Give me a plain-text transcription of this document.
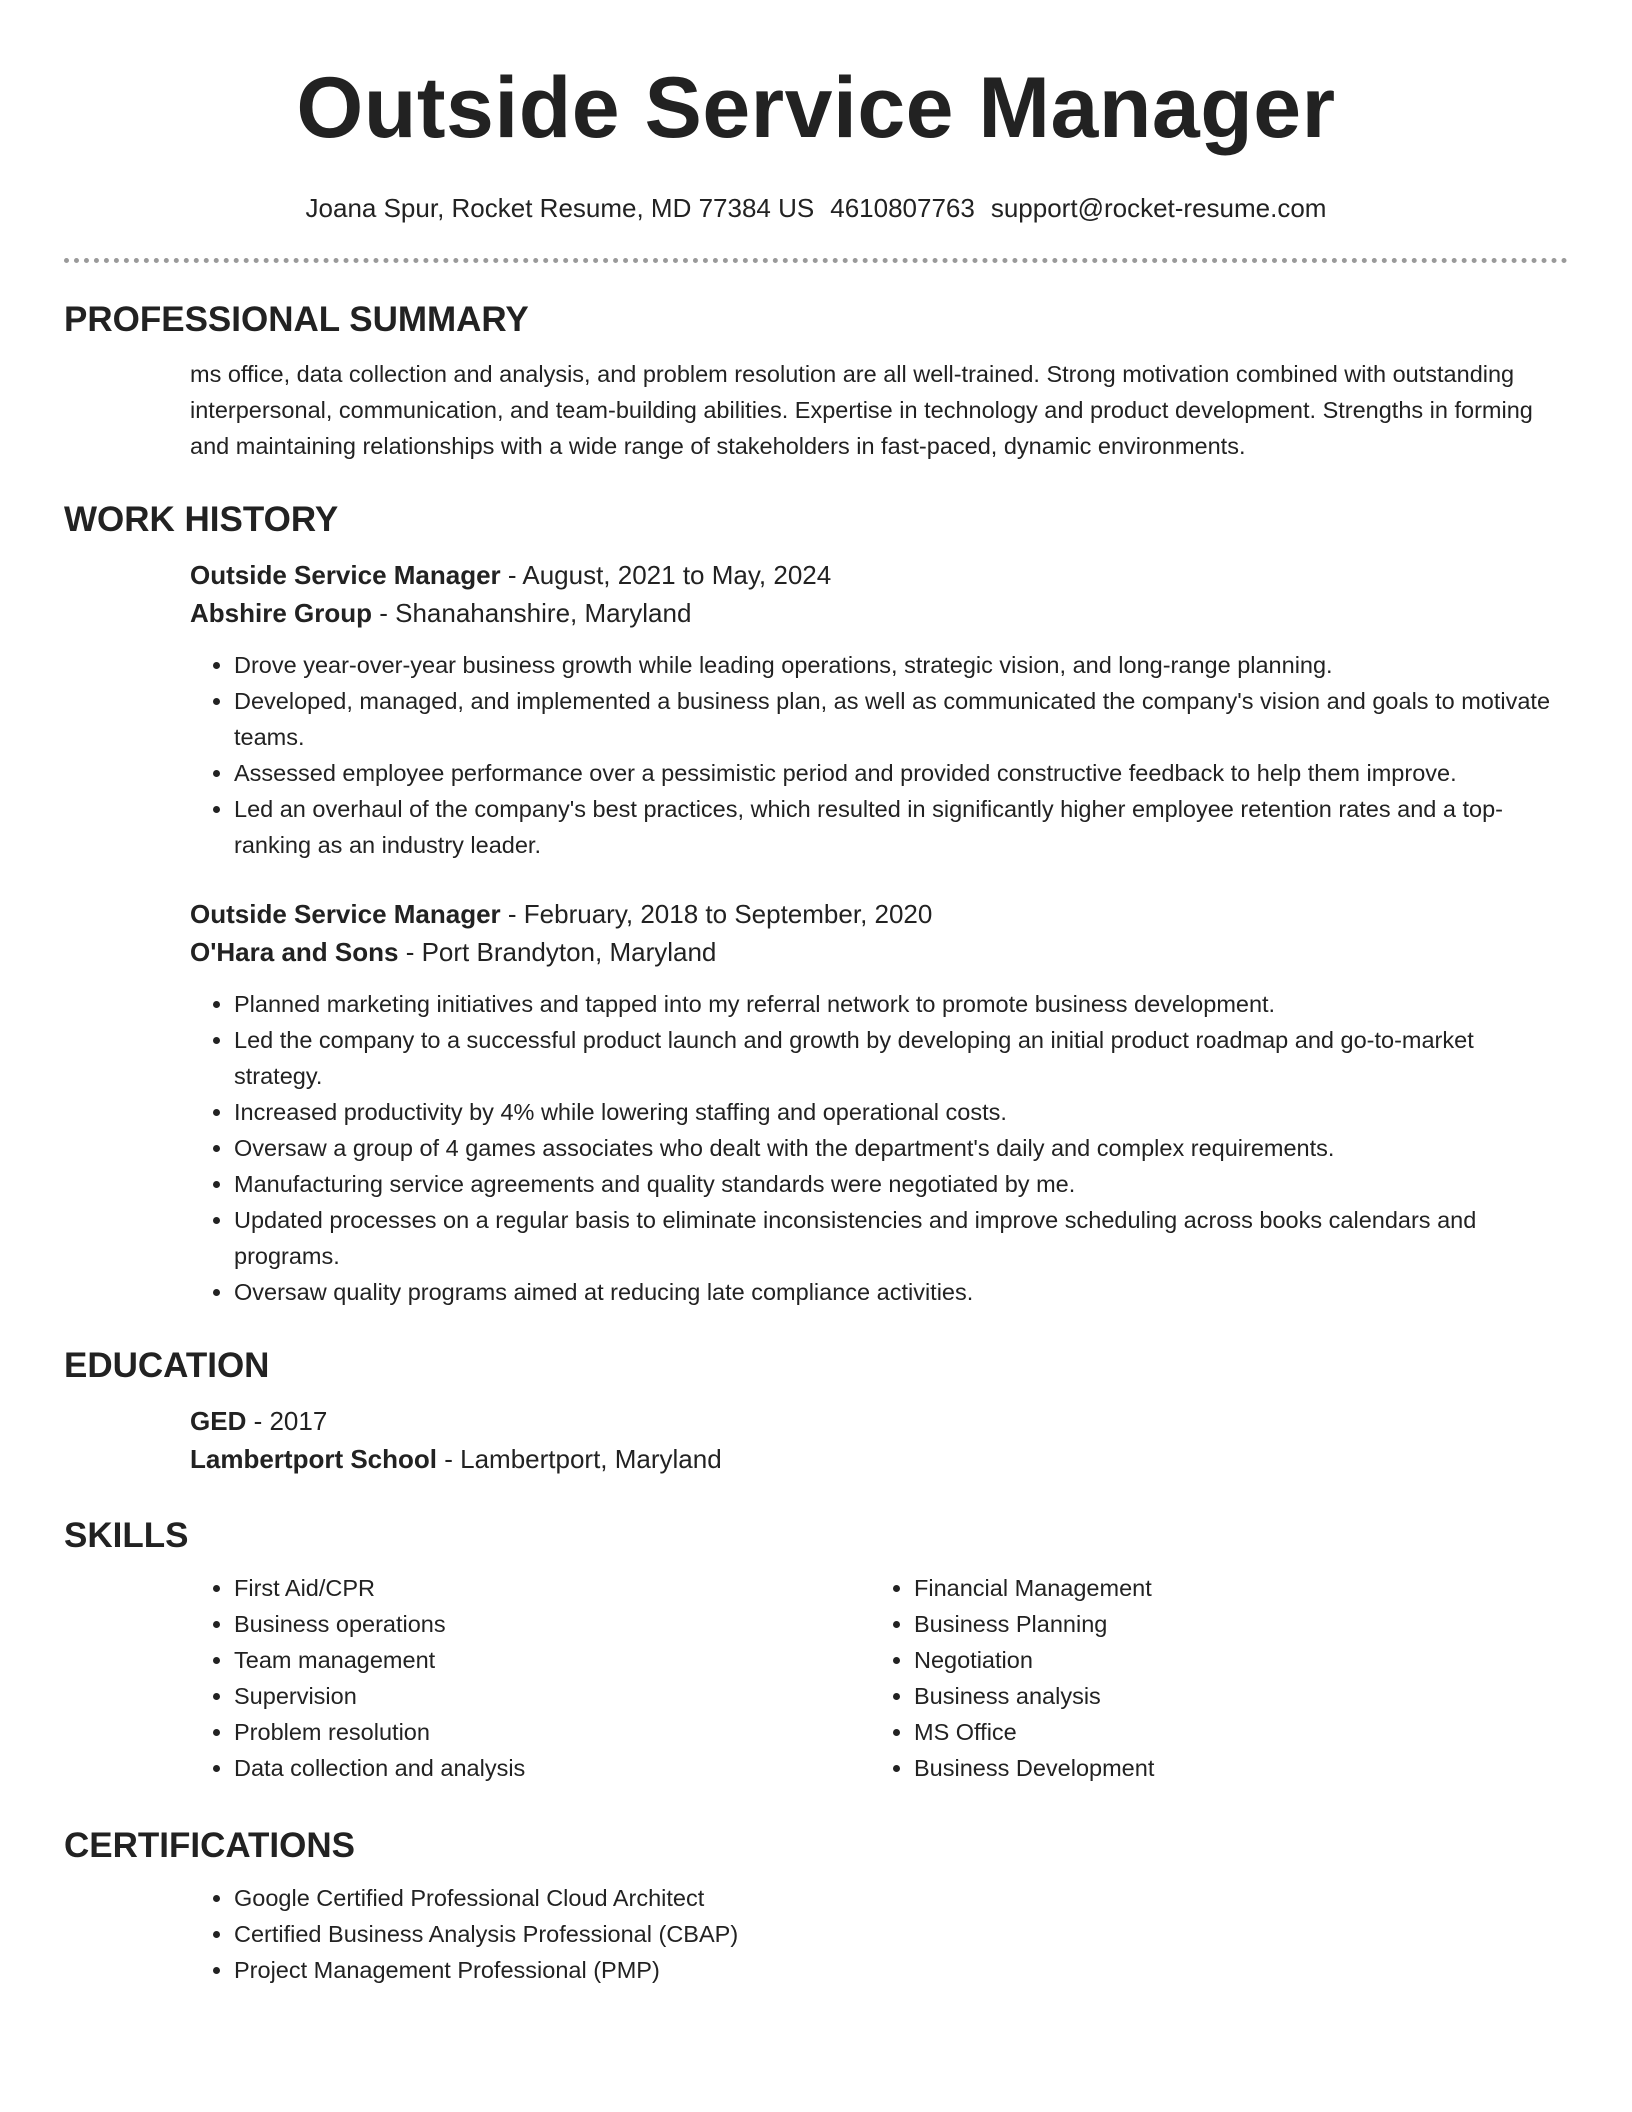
Outside Service Manager
Joana Spur, Rocket Resume, MD 77384 US 4610807763 support@rocket-resume.com
PROFESSIONAL SUMMARY

ms office, data collection and analysis, and problem resolution are all well-trained. Strong motivation combined with outstanding interpersonal, communication, and team-building abilities. Expertise in technology and product development. Strengths in forming and maintaining relationships with a wide range of stakeholders in fast-paced, dynamic environments.

WORK HISTORY

Outside Service Manager - August, 2021 to May, 2024

Abshire Group - Shanahanshire, Maryland

• Drove year-over-year business growth while leading operations, strategic vision, and long-range planning.
• Developed, managed, and implemented a business plan, as well as communicated the company's vision and goals to motivate teams.
• Assessed employee performance over a pessimistic period and provided constructive feedback to help them improve.
• Led an overhaul of the company's best practices, which resulted in significantly higher employee retention rates and a top-ranking as an industry leader.

Outside Service Manager - February, 2018 to September, 2020

O'Hara and Sons - Port Brandyton, Maryland

• Planned marketing initiatives and tapped into my referral network to promote business development.
• Led the company to a successful product launch and growth by developing an initial product roadmap and go-to-market strategy.
• Increased productivity by 4% while lowering staffing and operational costs.
• Oversaw a group of 4 games associates who dealt with the department's daily and complex requirements.
• Manufacturing service agreements and quality standards were negotiated by me.
• Updated processes on a regular basis to eliminate inconsistencies and improve scheduling across books calendars and programs.
• Oversaw quality programs aimed at reducing late compliance activities.
EDUCATION

GED - 2017

Lambertport School - Lambertport, Maryland

SKILLS
• First Aid/CPR
• Business operations
• Team management
• Supervision
• Problem resolution
• Data collection and analysis
• Financial Management
• Business Planning
• Negotiation
• Business analysis
• MS Office
• Business Development
CERTIFICATIONS
• Google Certified Professional Cloud Architect
• Certified Business Analysis Professional (CBAP)
• Project Management Professional (PMP)
